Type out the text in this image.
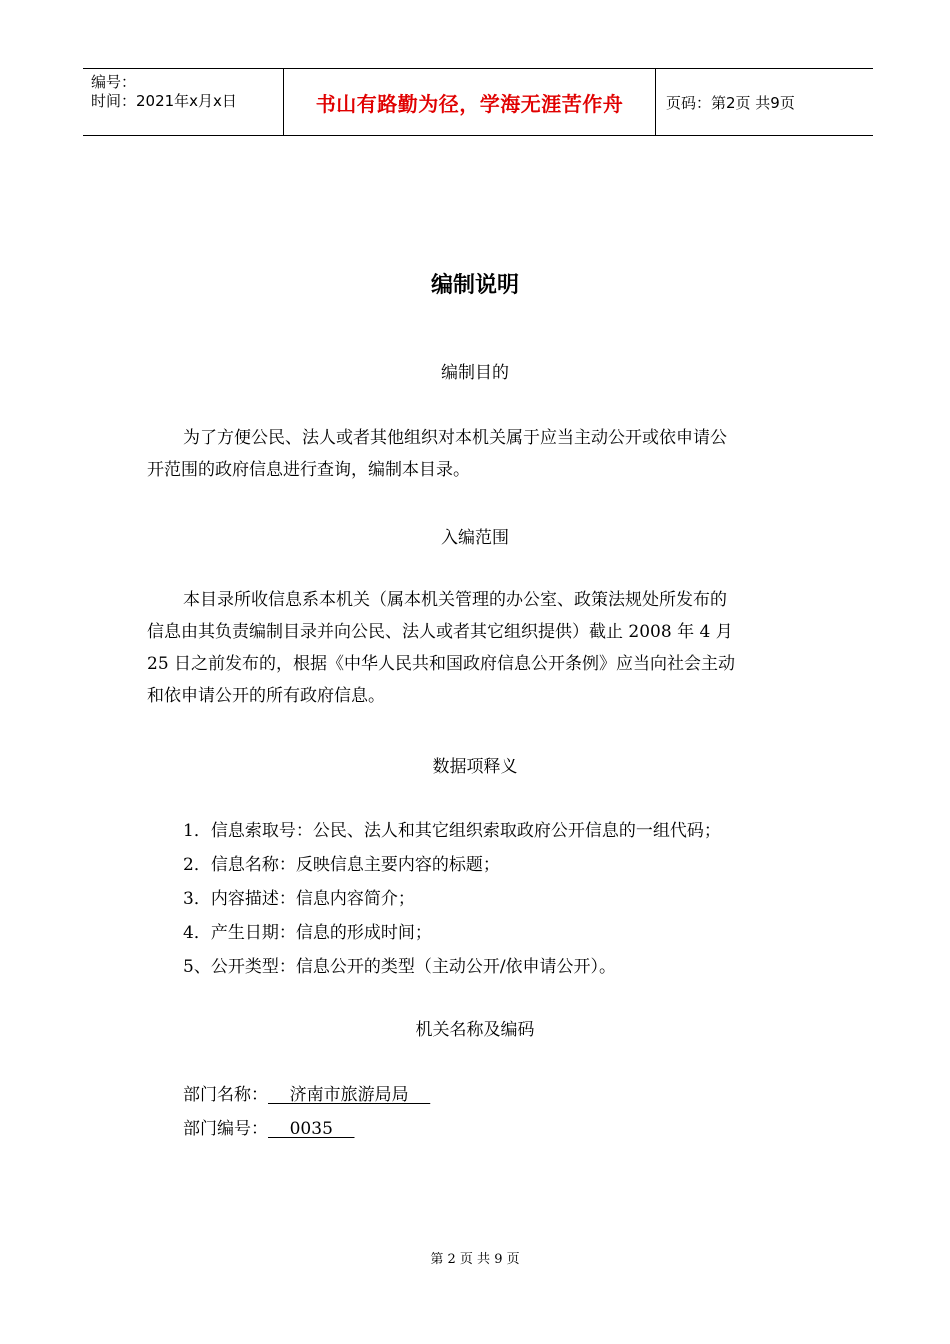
编号：
时间：2021年x月x日	书山有路勤为径，学海无涯苦作舟	页码：第2页 共9页
编制说明
编制目的
为了方便公民、法人或者其他组织对本机关属于应当主动公开或依申请公
开范围的政府信息进行查询，编制本目录。
入编范围
本目录所收信息系本机关（属本机关管理的办公室、政策法规处所发布的
信息由其负责编制目录并向公民、法人或者其它组织提供）截止 2008 年 4 月
25 日之前发布的，根据《中华人民共和国政府信息公开条例》应当向社会主动
和依申请公开的所有政府信息。
数据项释义
1．信息索取号：公民、法人和其它组织索取政府公开信息的一组代码；
2．信息名称：反映信息主要内容的标题；
3．内容描述：信息内容简介；
4．产生日期：信息的形成时间；
5、公开类型：信息公开的类型（主动公开/依申请公开）。
机关名称及编码
部门名称：    济南市旅游局局
部门编号：    0035
第 2 页 共 9 页
